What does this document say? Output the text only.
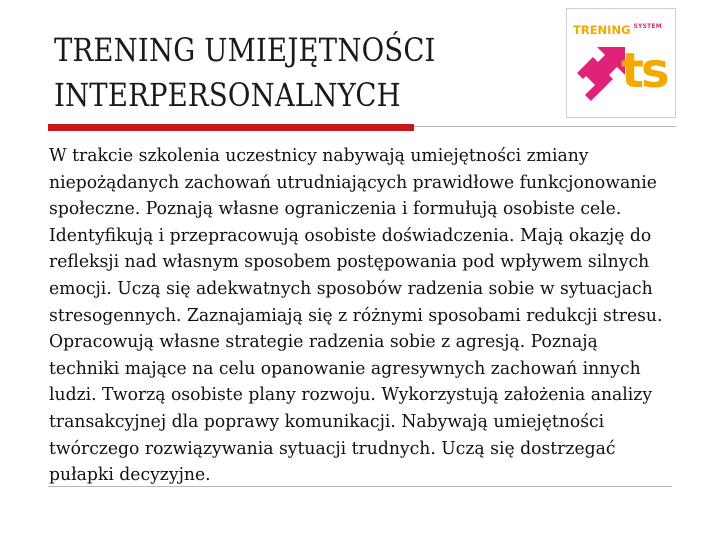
TRENING UMIEJĘTNOŚCI
INTERPERSONALNYCH
TRENING $^{SYSTEM}$
ts

W trakcie szkolenia uczestnicy nabywają umiejętności zmiany
niepożądanych zachowań utrudniających prawidłowe funkcjonowanie
społeczne. Poznają własne ograniczenia i formułują osobiste cele.
Identyfikują i przepracowują osobiste doświadczenia. Mają okazję do
refleksji nad własnym sposobem postępowania pod wpływem silnych
emocji. Uczą się adekwatnych sposobów radzenia sobie w sytuacjach
stresogennych. Zaznajamiają się z różnymi sposobami redukcji stresu.
Opracowują własne strategie radzenia sobie z agresją. Poznają
techniki mające na celu opanowanie agresywnych zachowań innych
ludzi. Tworzą osobiste plany rozwoju. Wykorzystują założenia analizy
transakcyjnej dla poprawy komunikacji. Nabywają umiejętności
twórczego rozwiązywania sytuacji trudnych. Uczą się dostrzegać
pułapki decyzyjne.
